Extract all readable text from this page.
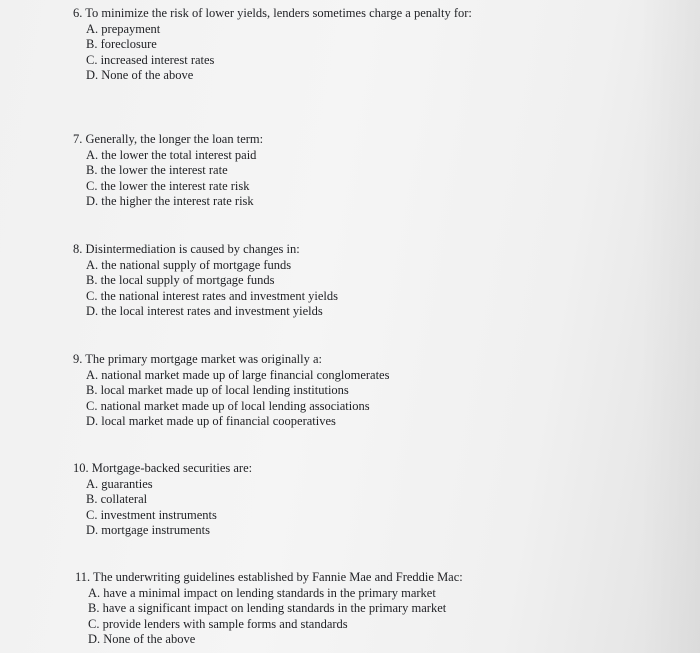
6. To minimize the risk of lower yields, lenders sometimes charge a penalty for:
A. prepayment
B. foreclosure
C. increased interest rates
D. None of the above
7. Generally, the longer the loan term:
A. the lower the total interest paid
B. the lower the interest rate
C. the lower the interest rate risk
D. the higher the interest rate risk
8. Disintermediation is caused by changes in:
A. the national supply of mortgage funds
B. the local supply of mortgage funds
C. the national interest rates and investment yields
D. the local interest rates and investment yields
9. The primary mortgage market was originally a:
A. national market made up of large financial conglomerates
B. local market made up of local lending institutions
C. national market made up of local lending associations
D. local market made up of financial cooperatives
10. Mortgage-backed securities are:
A. guaranties
B. collateral
C. investment instruments
D. mortgage instruments
11. The underwriting guidelines established by Fannie Mae and Freddie Mac:
A. have a minimal impact on lending standards in the primary market
B. have a significant impact on lending standards in the primary market
C. provide lenders with sample forms and standards
D. None of the above
